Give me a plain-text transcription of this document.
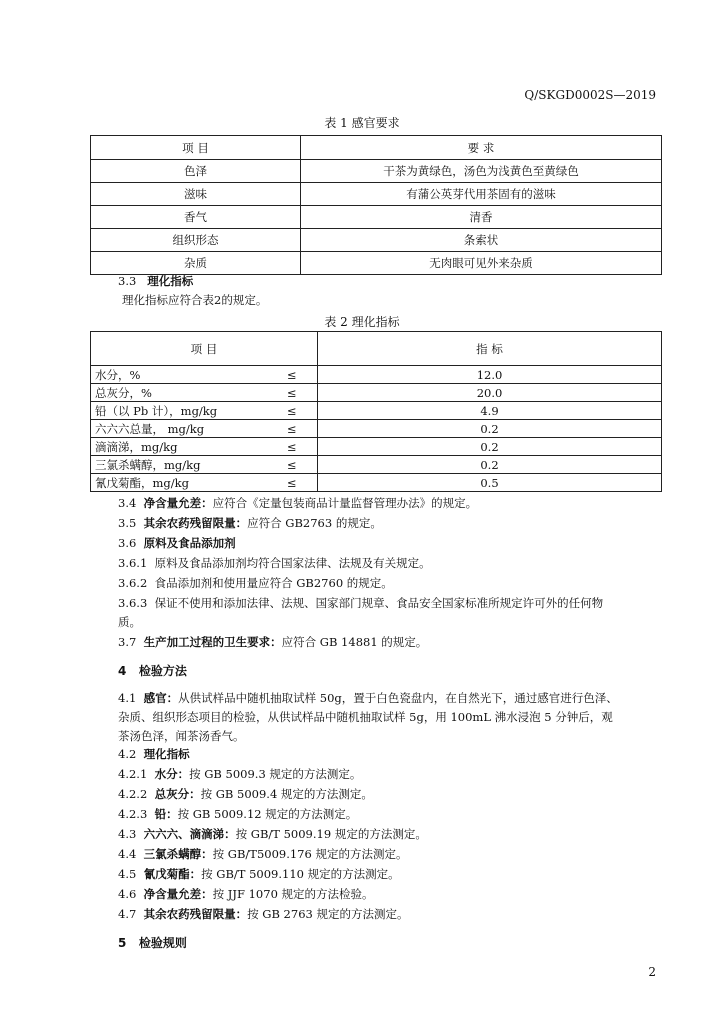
Q/SKGD0002S—2019
表 1 感官要求
项 目	要 求
色泽	干茶为黄绿色，汤色为浅黄色至黄绿色
滋味	有蒲公英芽代用茶固有的滋味
香气	清香
组织形态	条索状
杂质	无肉眼可见外来杂质
3.3 理化指标
理化指标应符合表2的规定。
表 2 理化指标
项 目		指 标
水分，%	≤	12.0
总灰分，%	≤	20.0
铅（以 Pb 计），mg/kg	≤	4.9
六六六总量， mg/kg	≤	0.2
滴滴涕，mg/kg	≤	0.2
三氯杀螨醇，mg/kg	≤	0.2
氰戊菊酯，mg/kg	≤	0.5
3.4 净含量允差：应符合《定量包装商品计量监督管理办法》的规定。
3.5 其余农药残留限量：应符合 GB2763 的规定。
3.6 原料及食品添加剂
3.6.1 原料及食品添加剂均符合国家法律、法规及有关规定。
3.6.2 食品添加剂和使用量应符合 GB2760 的规定。
3.6.3 保证不使用和添加法律、法规、国家部门规章、食品安全国家标准所规定许可外的任何物
质。
3.7 生产加工过程的卫生要求：应符合 GB 14881 的规定。
4 检验方法
4.1 感官：从供试样品中随机抽取试样 50g，置于白色瓷盘内，在自然光下，通过感官进行色泽、
杂质、组织形态项目的检验，从供试样品中随机抽取试样 5g，用 100mL 沸水浸泡 5 分钟后，观
茶汤色泽，闻茶汤香气。
4.2 理化指标
4.2.1 水分：按 GB 5009.3 规定的方法测定。
4.2.2 总灰分：按 GB 5009.4 规定的方法测定。
4.2.3 铅：按 GB 5009.12 规定的方法测定。
4.3 六六六、滴滴涕：按 GB/T 5009.19 规定的方法测定。
4.4 三氯杀螨醇：按 GB/T5009.176 规定的方法测定。
4.5 氰戊菊酯：按 GB/T 5009.110 规定的方法测定。
4.6 净含量允差：按 JJF 1070 规定的方法检验。
4.7 其余农药残留限量：按 GB 2763 规定的方法测定。
5 检验规则
2
